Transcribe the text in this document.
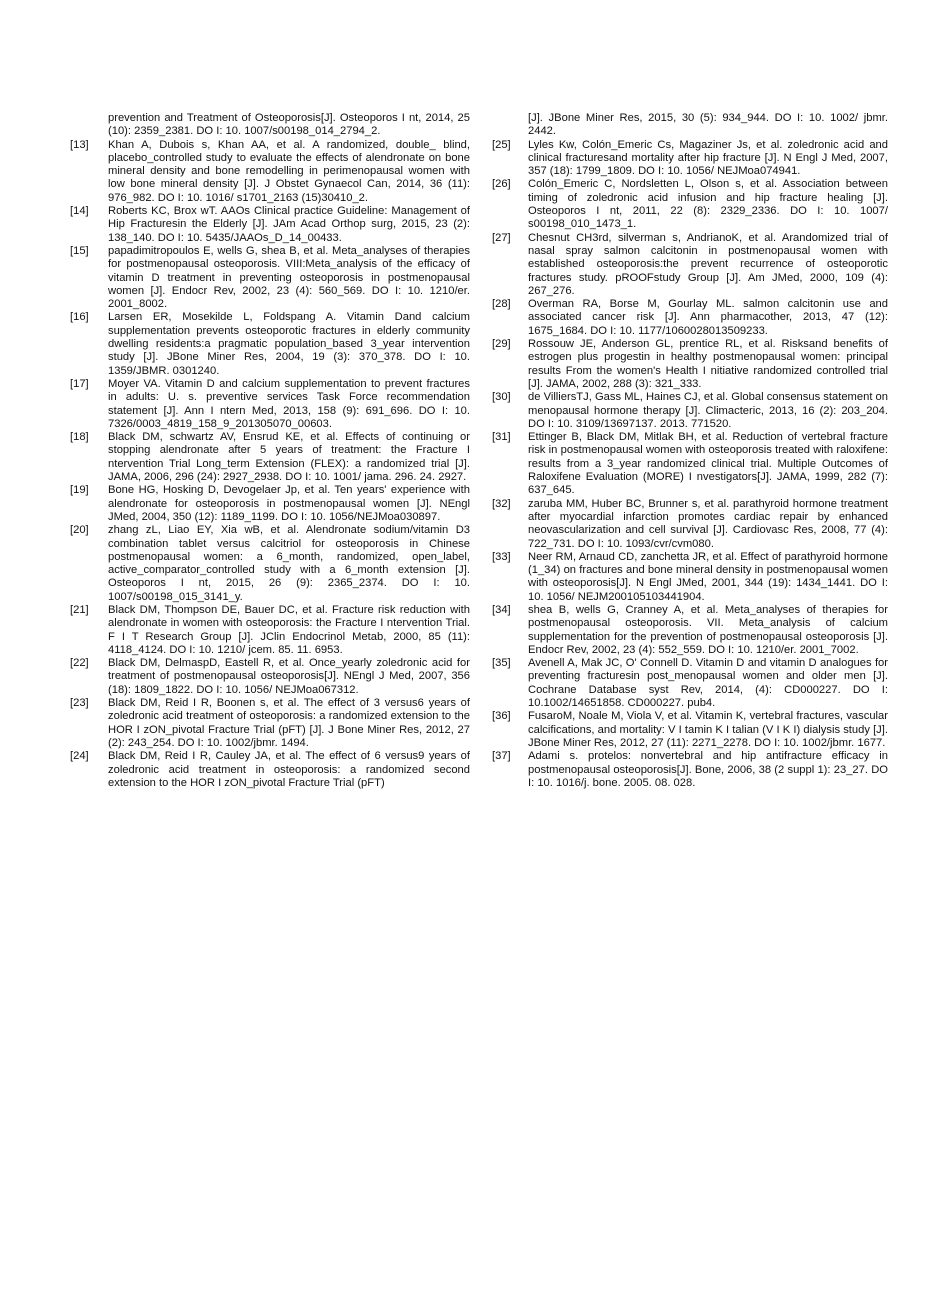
prevention and Treatment of Osteoporosis[J]. Osteoporos I nt, 2014, 25 (10): 2359_2381. DO I: 10. 1007/s00198_014_2794_2.

[13]	Khan A, Dubois s, Khan AA, et al. A randomized, double_ blind, placebo_controlled study to evaluate the effects of alendronate on bone mineral density and bone remodelling in perimenopausal women with low bone mineral density [J]. J Obstet Gynaecol Can, 2014, 36 (11): 976_982. DO I: 10. 1016/ s1701_2163 (15)30410_2.

[14]	Roberts KC, Brox wT. AAOs Clinical practice Guideline: Management of Hip Fracturesin the Elderly [J]. JAm Acad Orthop surg, 2015, 23 (2): 138_140. DO I: 10. 5435/JAAOs_D_14_00433.

[15]	papadimitropoulos E, wells G, shea B, et al. Meta_analyses of therapies for postmenopausal osteoporosis. VIII:Meta_analysis of the efficacy of vitamin D treatment in preventing osteoporosis in postmenopausal women [J]. Endocr Rev, 2002, 23 (4): 560_569. DO I: 10. 1210/er. 2001_8002.

[16]	Larsen ER, Mosekilde L, Foldspang A. Vitamin Dand calcium supplementation prevents osteoporotic fractures in elderly community dwelling residents:a pragmatic population_based 3_year intervention study [J]. JBone Miner Res, 2004, 19 (3): 370_378. DO I: 10. 1359/JBMR. 0301240.

[17]	Moyer VA. Vitamin D and calcium supplementation to prevent fractures in adults: U. s. preventive services Task Force recommendation statement [J]. Ann I ntern Med, 2013, 158 (9): 691_696. DO I: 10. 7326/0003_4819_158_9_201305070_00603.

[18]	Black DM, schwartz AV, Ensrud KE, et al. Effects of continuing or stopping alendronate after 5 years of treatment: the Fracture I ntervention Trial Long_term Extension (FLEX): a randomized trial [J]. JAMA, 2006, 296 (24): 2927_2938. DO I: 10. 1001/ jama. 296. 24. 2927.

[19]	Bone HG, Hosking D, Devogelaer Jp, et al. Ten years' experience with alendronate for osteoporosis in postmenopausal women [J]. NEngl JMed, 2004, 350 (12): 1189_1199. DO I: 10. 1056/NEJMoa030897.

[20]	zhang zL, Liao EY, Xia wB, et al. Alendronate sodium/vitamin D3 combination tablet versus calcitriol for osteoporosis in Chinese postmenopausal women: a 6_month, randomized, open_label, active_comparator_controlled study with a 6_month extension [J]. Osteoporos I nt, 2015, 26 (9): 2365_2374. DO I: 10. 1007/s00198_015_3141_y.

[21]	Black DM, Thompson DE, Bauer DC, et al. Fracture risk reduction with alendronate in women with osteoporosis: the Fracture I ntervention Trial. F I T Research Group [J]. JClin Endocrinol Metab, 2000, 85 (11): 4118_4124. DO I: 10. 1210/ jcem. 85. 11. 6953.

[22]	Black DM, DelmaspD, Eastell R, et al. Once_yearly zoledronic acid for treatment of postmenopausal osteoporosis[J]. NEngl J Med, 2007, 356 (18): 1809_1822. DO I: 10. 1056/ NEJMoa067312.

[23]	Black DM, Reid I R, Boonen s, et al. The effect of 3 versus6 years of zoledronic acid treatment of osteoporosis: a randomized extension to the HOR I zON_pivotal Fracture Trial (pFT) [J]. J Bone Miner Res, 2012, 27 (2): 243_254. DO I: 10. 1002/jbmr. 1494.

[24]	Black DM, Reid I R, Cauley JA, et al. The effect of 6 versus9 years of zoledronic acid treatment in osteoporosis: a randomized second extension to the HOR I zON_pivotal Fracture Trial (pFT)

[J]. JBone Miner Res, 2015, 30 (5): 934_944. DO I: 10. 1002/ jbmr. 2442.

[25]	Lyles Kw, Colón_Emeric Cs, Magaziner Js, et al. zoledronic acid and clinical fracturesand mortality after hip fracture [J]. N Engl J Med, 2007, 357 (18): 1799_1809. DO I: 10. 1056/ NEJMoa074941.

[26]	Colón_Emeric C, Nordsletten L, Olson s, et al. Association between timing of zoledronic acid infusion and hip fracture healing [J]. Osteoporos I nt, 2011, 22 (8): 2329_2336. DO I: 10. 1007/ s00198_010_1473_1.

[27]	Chesnut CH3rd, silverman s, AndrianoK, et al. Arandomized trial of nasal spray salmon calcitonin in postmenopausal women with established osteoporosis:the prevent recurrence of osteoporotic fractures study. pROOFstudy Group [J]. Am JMed, 2000, 109 (4): 267_276.

[28]	Overman RA, Borse M, Gourlay ML. salmon calcitonin use and associated cancer risk [J]. Ann pharmacother, 2013, 47 (12): 1675_1684. DO I: 10. 1177/1060028013509233.

[29]	Rossouw JE, Anderson GL, prentice RL, et al. Risksand benefits of estrogen plus progestin in healthy postmenopausal women: principal results From the women's Health I nitiative randomized controlled trial [J]. JAMA, 2002, 288 (3): 321_333.

[30]	de VilliersTJ, Gass ML, Haines CJ, et al. Global consensus statement on menopausal hormone therapy [J]. Climacteric, 2013, 16 (2): 203_204. DO I: 10. 3109/13697137. 2013. 771520.

[31]	Ettinger B, Black DM, Mitlak BH, et al. Reduction of vertebral fracture risk in postmenopausal women with osteoporosis treated with raloxifene: results from a 3_year randomized clinical trial. Multiple Outcomes of Raloxifene Evaluation (MORE) I nvestigators[J]. JAMA, 1999, 282 (7): 637_645.

[32]	zaruba MM, Huber BC, Brunner s, et al. parathyroid hormone treatment after myocardial infarction promotes cardiac repair by enhanced neovascularization and cell survival [J]. Cardiovasc Res, 2008, 77 (4): 722_731. DO I: 10. 1093/cvr/cvm080.

[33]	Neer RM, Arnaud CD, zanchetta JR, et al. Effect of parathyroid hormone (1_34) on fractures and bone mineral density in postmenopausal women with osteoporosis[J]. N Engl JMed, 2001, 344 (19): 1434_1441. DO I: 10. 1056/ NEJM200105103441904.

[34]	shea B, wells G, Cranney A, et al. Meta_analyses of therapies for postmenopausal osteoporosis. VII. Meta_analysis of calcium supplementation for the prevention of postmenopausal osteoporosis [J]. Endocr Rev, 2002, 23 (4): 552_559. DO I: 10. 1210/er. 2001_7002.

[35]	Avenell A, Mak JC, O' Connell D. Vitamin D and vitamin D analogues for preventing fracturesin post_menopausal women and older men [J]. Cochrane Database syst Rev, 2014, (4): CD000227. DO I: 10.1002/14651858. CD000227. pub4.

[36]	FusaroM, Noale M, Viola V, et al. Vitamin K, vertebral fractures, vascular calcifications, and mortality: V I tamin K I talian (V I K I) dialysis study [J]. JBone Miner Res, 2012, 27 (11): 2271_2278. DO I: 10. 1002/jbmr. 1677.

[37]	Adami s. protelos: nonvertebral and hip antifracture efficacy in postmenopausal osteoporosis[J]. Bone, 2006, 38 (2 suppl 1): 23_27. DO I: 10. 1016/j. bone. 2005. 08. 028.
